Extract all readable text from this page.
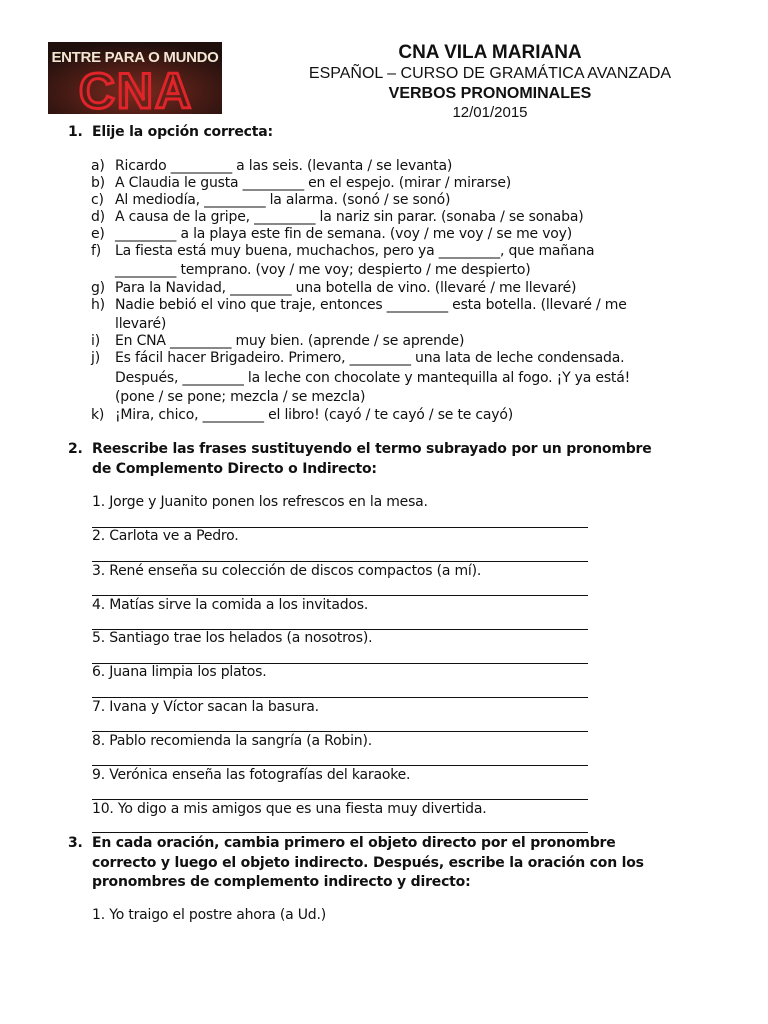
ENTRE PARA O MUNDO
CNA
CNA VILA MARIANA
ESPAÑOL – CURSO DE GRAMÁTICA AVANZADA
VERBOS PRONOMINALES
12/01/2015
1. Elije la opción correcta:
a) Ricardo _________ a las seis. (levanta / se levanta)
b) A Claudia le gusta _________ en el espejo. (mirar / mirarse)
c) Al mediodía, _________ la alarma. (sonó / se sonó)
d) A causa de la gripe, _________ la nariz sin parar. (sonaba / se sonaba)
e) _________ a la playa este fin de semana. (voy / me voy / se me voy)
f) La fiesta está muy buena, muchachos, pero ya _________, que mañana
_________ temprano. (voy / me voy; despierto / me despierto)
g) Para la Navidad, _________ una botella de vino. (llevaré / me llevaré)
h) Nadie bebió el vino que traje, entonces _________ esta botella. (llevaré / me
llevaré)
i) En CNA _________ muy bien. (aprende / se aprende)
j) Es fácil hacer Brigadeiro. Primero, _________ una lata de leche condensada.
Después, _________ la leche con chocolate y mantequilla al fogo. ¡Y ya está!
(pone / se pone; mezcla / se mezcla)
k) ¡Mira, chico, _________ el libro! (cayó / te cayó / se te cayó)
2. Reescribe las frases sustituyendo el termo subrayado por un pronombre
de Complemento Directo o Indirecto:
1. Jorge y Juanito ponen los refrescos en la mesa.
2. Carlota ve a Pedro.
3. René enseña su colección de discos compactos (a mí).
4. Matías sirve la comida a los invitados.
5. Santiago trae los helados (a nosotros).
6. Juana limpia los platos.
7. Ivana y Víctor sacan la basura.
8. Pablo recomienda la sangría (a Robin).
9. Verónica enseña las fotografías del karaoke.
10. Yo digo a mis amigos que es una fiesta muy divertida.
3. En cada oración, cambia primero el objeto directo por el pronombre
correcto y luego el objeto indirecto. Después, escribe la oración con los
pronombres de complemento indirecto y directo:
1. Yo traigo el postre ahora (a Ud.)
